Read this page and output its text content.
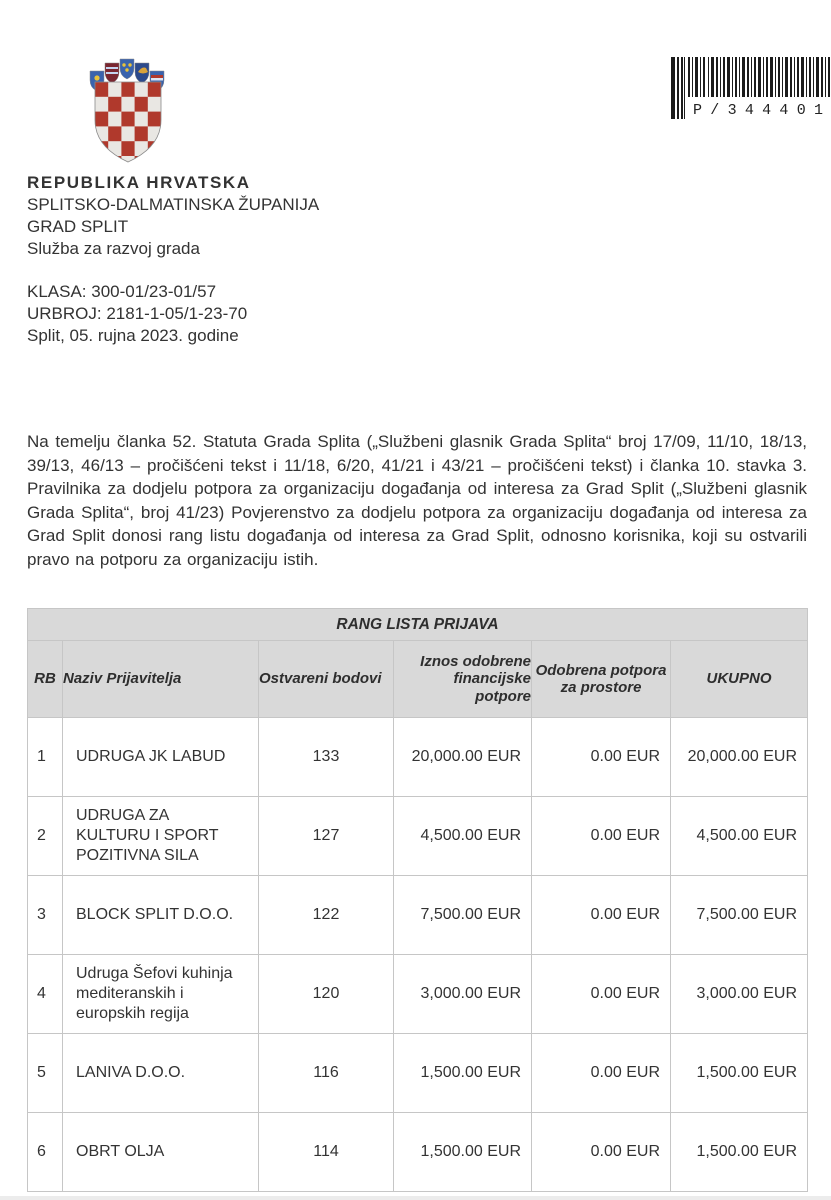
P/344401
REPUBLIKA HRVATSKA
SPLITSKO-DALMATINSKA ŽUPANIJA
GRAD SPLIT
Služba za razvoj grada
KLASA: 300-01/23-01/57
URBROJ: 2181-1-05/1-23-70
Split, 05. rujna 2023. godine

Na temelju članka 52. Statuta Grada Splita („Službeni glasnik Grada Splita“ broj 17/09, 11/10, 18/13, 39/13, 46/13 – pročišćeni tekst i 11/18, 6/20, 41/21 i 43/21 – pročišćeni tekst) i članka 10. stavka 3. Pravilnika za dodjelu potpora za organizaciju događanja od interesa za Grad Split („Službeni glasnik Grada Splita“, broj 41/23) Povjerenstvo za dodjelu potpora za organizaciju događanja od interesa za Grad Split donosi rang listu događanja od interesa za Grad Split, odnosno korisnika, koji su ostvarili pravo na potporu za organizaciju istih.

RANG LISTA PRIJAVA					
RB	Naziv Prijavitelja	Ostvareni bodovi	Iznos odobrene financijske potpore	Odobrena potpora za prostore	UKUPNO
1	UDRUGA JK LABUD	133	20,000.00 EUR	0.00 EUR	20,000.00 EUR
2	UDRUGA ZA KULTURU I SPORT POZITIVNA SILA	127	4,500.00 EUR	0.00 EUR	4,500.00 EUR
3	BLOCK SPLIT D.O.O.	122	7,500.00 EUR	0.00 EUR	7,500.00 EUR
4	Udruga Šefovi kuhinja mediteranskih i europskih regija	120	3,000.00 EUR	0.00 EUR	3,000.00 EUR
5	LANIVA D.O.O.	116	1,500.00 EUR	0.00 EUR	1,500.00 EUR
6	OBRT OLJA	114	1,500.00 EUR	0.00 EUR	1,500.00 EUR
